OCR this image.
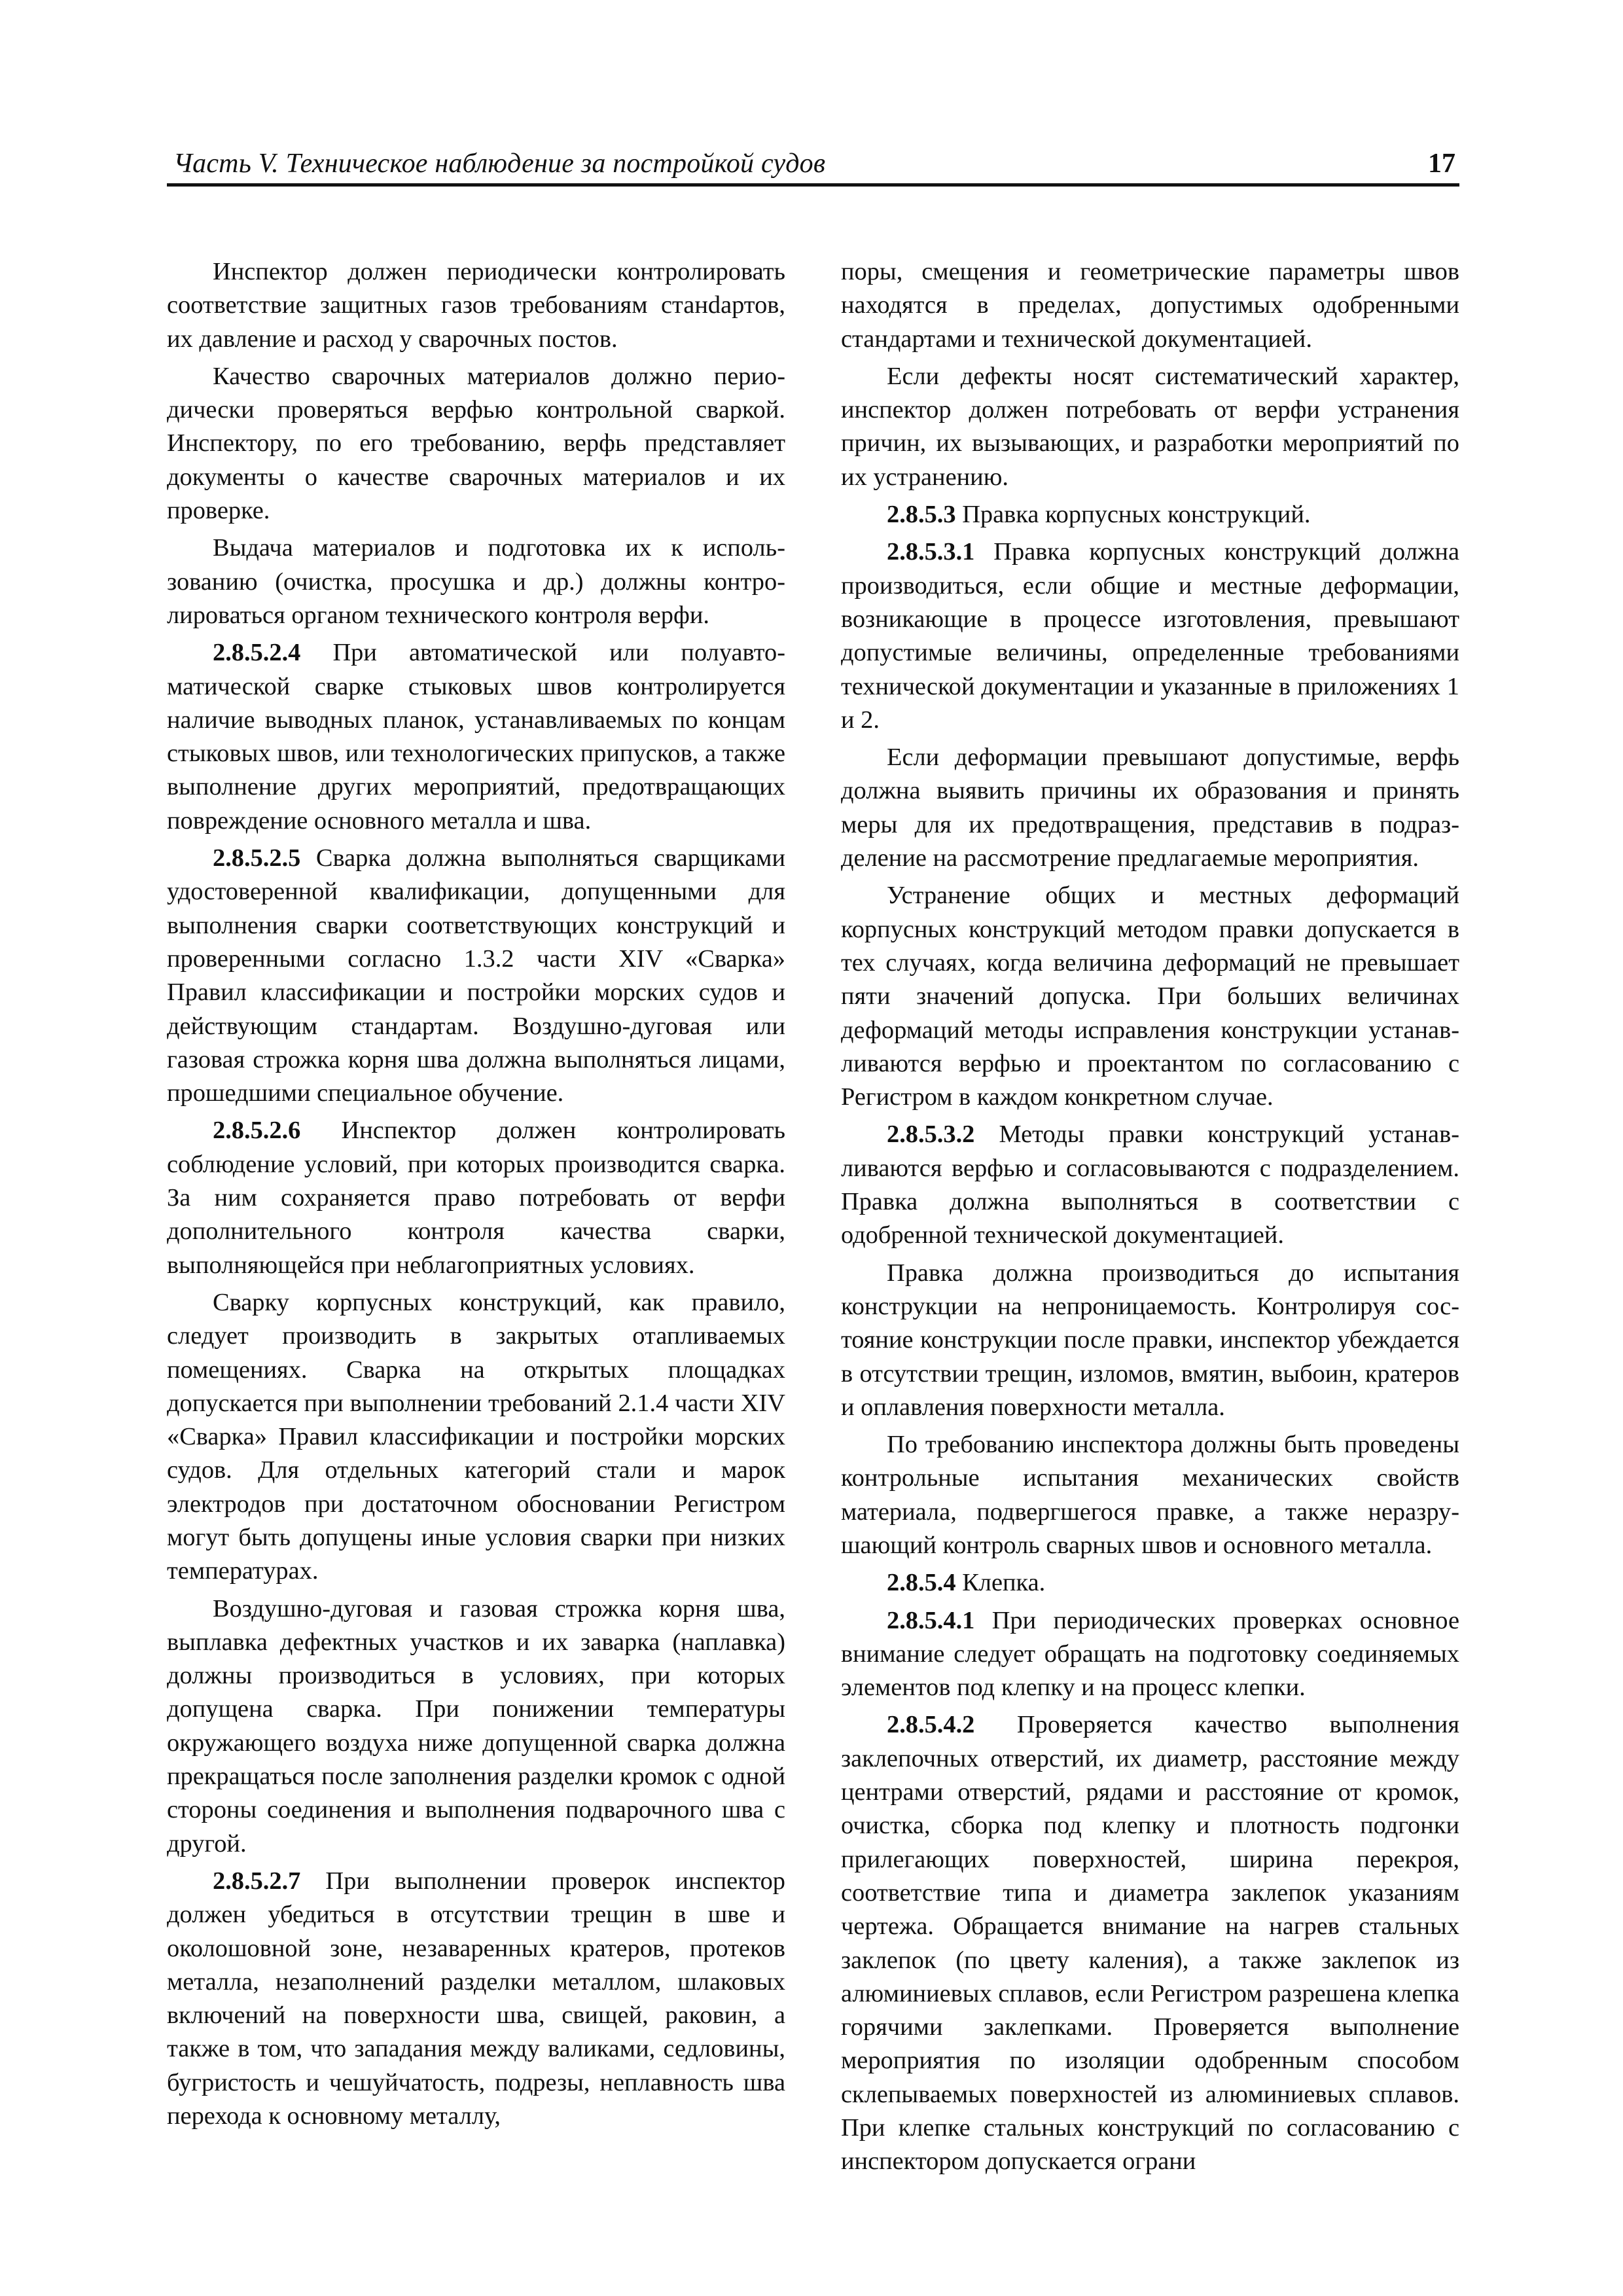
Часть V. Техническое наблюдение за постройкой судов	17

Инспектор должен периодически контролировать соответствие защитных газов требованиям станdартов, их давление и расход у сварочных постов.

Качество сварочных материалов должно периодически проверяться верфью контрольной сваркой. Инспектору, по его требованию, верфь представляет документы о качестве сварочных материалов и их проверке.

Выдача материалов и подготовка их к использованию (очистка, просушка и др.) должны контролироваться органом технического контроля верфи.

2.8.5.2.4 При автоматической или полуавтоматической сварке стыковых швов контролируется наличие выводных планок, устанавливаемых по концам стыковых швов, или технологических припусков, а также выполнение других мероприятий, предотвращающих повреждение основного металла и шва.

2.8.5.2.5 Сварка должна выполняться сварщиками удостоверенной квалификации, допущенными для выполнения сварки соответствующих конструкций и проверенными согласно 1.3.2 части XIV «Сварка» Правил классификации и постройки морских судов и действующим стандартам. Воздушно-дуговая или газовая строжка корня шва должна выполняться лицами, прошедшими специальное обучение.

2.8.5.2.6 Инспектор должен контролировать соблюдение условий, при которых производится сварка. За ним сохраняется право потребовать от верфи дополнительного контроля качества сварки, выполняющейся при неблагоприятных условиях.

Сварку корпусных конструкций, как правило, следует производить в закрытых отапливаемых помещениях. Сварка на открытых площадках допускается при выполнении требований 2.1.4 части XIV «Сварка» Правил классификации и постройки морских судов. Для отдельных категорий стали и марок электродов при достаточном обосновании Регистром могут быть допущены иные условия сварки при низких температурах.

Воздушно-дуговая и газовая строжка корня шва, выплавка дефектных участков и их заварка (наплавка) должны производиться в условиях, при которых допущена сварка. При понижении температуры окружающего воздуха ниже допущенной сварка должна прекращаться после заполнения разделки кромок с одной стороны соединения и выполнения подварочного шва с другой.

2.8.5.2.7 При выполнении проверок инспектор должен убедиться в отсутствии трещин в шве и околошовной зоне, незаваренных кратеров, протеков металла, незаполнений разделки металлом, шлаковых включений на поверхности шва, свищей, раковин, а также в том, что западания между валиками, седловины, бугристость и чешуйчатость, подрезы, неплавность шва перехода к основному металлу,

поры, смещения и геометрические параметры швов находятся в пределах, допустимых одобренными стандартами и технической документацией.

Если дефекты носят систематический характер, инспектор должен потребовать от верфи устранения причин, их вызывающих, и разработки мероприятий по их устранению.

2.8.5.3 Правка корпусных конструкций.

2.8.5.3.1 Правка корпусных конструкций должна производиться, если общие и местные деформации, возникающие в процессе изготовления, превышают допустимые величины, определенные требованиями технической документации и указанные в приложениях 1 и 2.

Если деформации превышают допустимые, верфь должна выявить причины их образования и принять меры для их предотвращения, представив в подразделение на рассмотрение предлагаемые мероприятия.

Устранение общих и местных деформаций корпусных конструкций методом правки допускается в тех случаях, когда величина деформаций не превышает пяти значений допуска. При больших величинах деформаций методы исправления конструкции устанавливаются верфью и проектантом по согласованию с Регистром в каждом конкретном случае.

2.8.5.3.2 Методы правки конструкций устанавливаются верфью и согласовываются с подразделением. Правка должна выполняться в соответствии с одобренной технической документацией.

Правка должна производиться до испытания конструкции на непроницаемость. Контролируя состояние конструкции после правки, инспектор убеждается в отсутствии трещин, изломов, вмятин, выбоин, кратеров и оплавления поверхности металла.

По требованию инспектора должны быть проведены контрольные испытания механических свойств материала, подвергшегося правке, а также неразрушающий контроль сварных швов и основного металла.

2.8.5.4 Клепка.

2.8.5.4.1 При периодических проверках основное внимание следует обращать на подготовку соединяемых элементов под клепку и на процесс клепки.

2.8.5.4.2 Проверяется качество выполнения заклепочных отверстий, их диаметр, расстояние между центрами отверстий, рядами и расстояние от кромок, очистка, сборка под клепку и плотность подгонки прилегающих поверхностей, ширина перекроя, соответствие типа и диаметра заклепок указаниям чертежа. Обращается внимание на нагрев стальных заклепок (по цвету каления), а также заклепок из алюминиевых сплавов, если Регистром разрешена клепка горячими заклепками. Проверяется выполнение мероприятия по изоляции одобренным способом склепываемых поверхностей из алюминиевых сплавов. При клепке стальных конструкций по согласованию с инспектором допускается ограни
